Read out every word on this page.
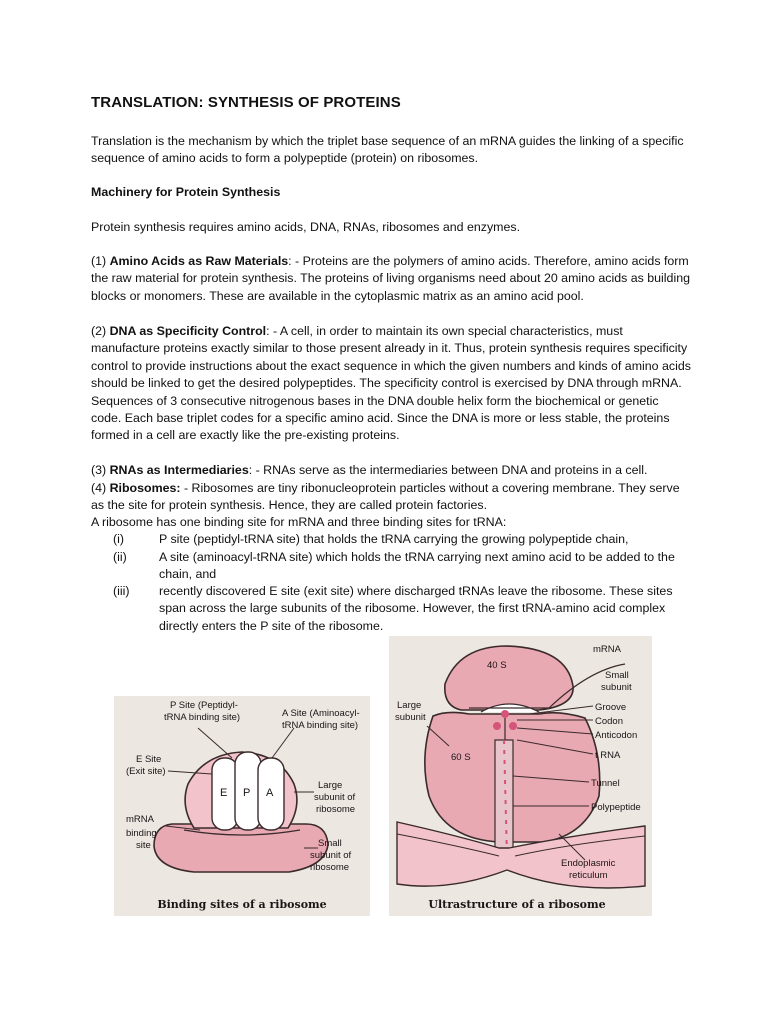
TRANSLATION: SYNTHESIS OF PROTEINS
Translation is the mechanism by which the triplet base sequence of an mRNA guides the linking of a specific sequence of amino acids to form a polypeptide (protein) on ribosomes.
Machinery for Protein Synthesis
Protein synthesis requires amino acids, DNA, RNAs, ribosomes and enzymes.
(1) Amino Acids as Raw Materials: - Proteins are the polymers of amino acids. Therefore, amino acids form the raw material for protein synthesis. The proteins of living organisms need about 20 amino acids as building blocks or monomers. These are available in the cytoplasmic matrix as an amino acid pool.
(2) DNA as Specificity Control: - A cell, in order to maintain its own special characteristics, must manufacture proteins exactly similar to those present already in it. Thus, protein synthesis requires specificity control to provide instructions about the exact sequence in which the given numbers and kinds of amino acids should be linked to get the desired polypeptides. The specificity control is exercised by DNA through mRNA. Sequences of 3 consecutive nitrogenous bases in the DNA double helix form the biochemical or genetic code. Each base triplet codes for a specific amino acid. Since the DNA is more or less stable, the proteins formed in a cell are exactly like the pre-existing proteins.
(3) RNAs as Intermediaries: - RNAs serve as the intermediaries between DNA and proteins in a cell.
(4) Ribosomes: - Ribosomes are tiny ribonucleoprotein particles without a covering membrane. They serve as the site for protein synthesis. Hence, they are called protein factories.
A ribosome has one binding site for mRNA and three binding sites for tRNA:
(i)	P site (peptidyl-tRNA site) that holds the tRNA carrying the growing polypeptide chain,
(ii)	A site (aminoacyl-tRNA site) which holds the tRNA carrying next amino acid to be added to the chain, and
(iii) recently discovered E site (exit site) where discharged tRNAs leave the ribosome. These sites span across the large subunits of the ribosome. However, the first tRNA-amino acid complex directly enters the P site of the ribosome.
P Site (Peptidyl-
tRNA binding site)	A Site (Aminoacyl-
tRNA binding site)
E Site
(Exit site)
Large
subunit of
ribosome
mRNA
binding
site	Small
subunit of
ribosome
E P A
Binding sites of a ribosome
mRNA
40 S
Small
subunit
Large
subunit
Groove
Codon
Anticodon
60 S	t RNA
Tunnel
Polypeptide
Endoplasmic
reticulum
Ultrastructure of a ribosome
